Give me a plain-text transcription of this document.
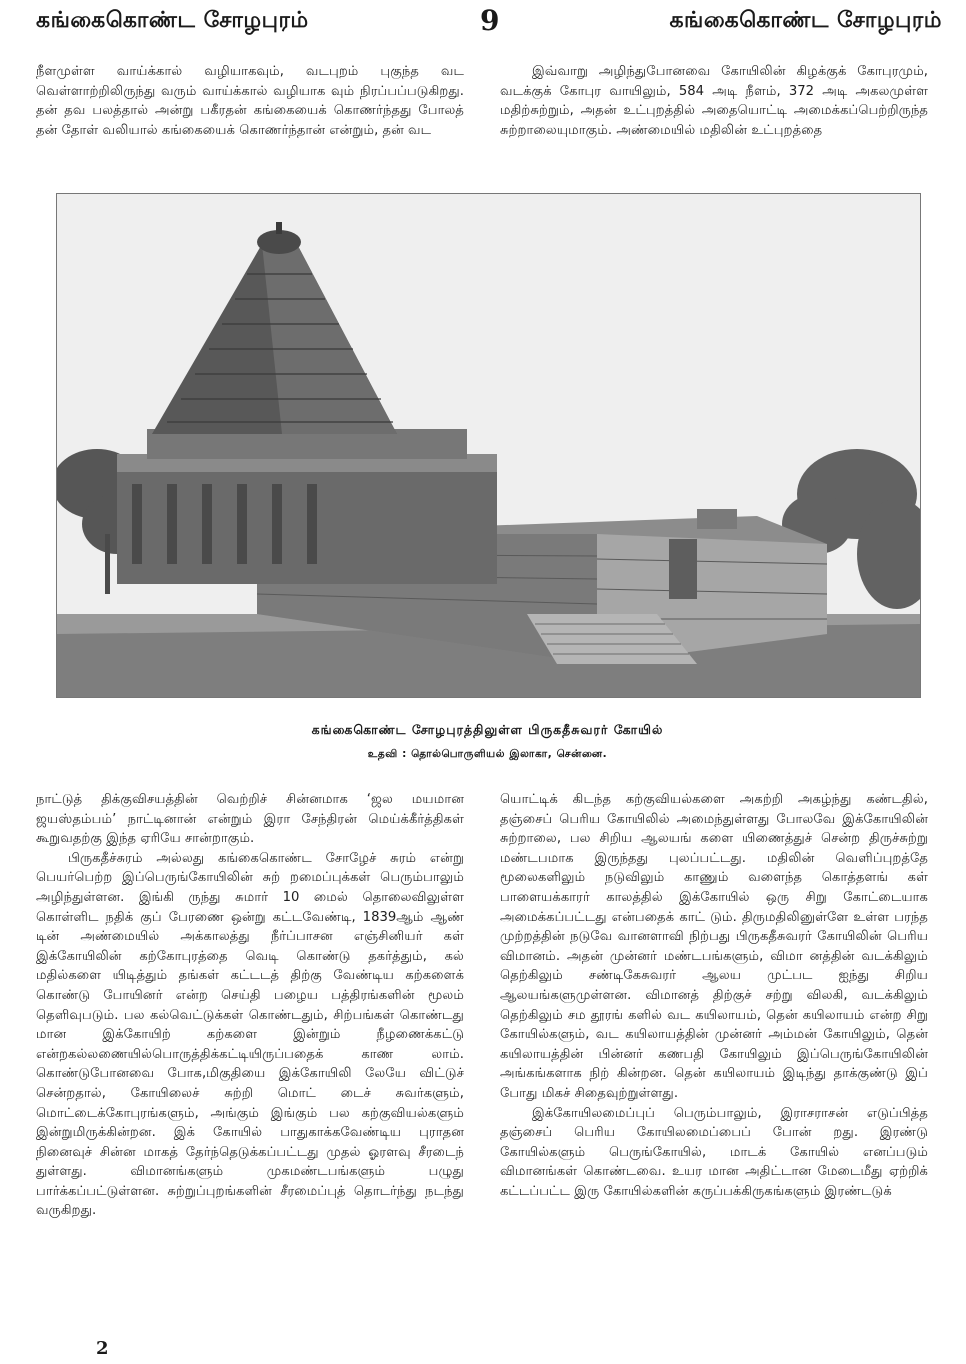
கங்கைகொண்ட சோழபுரம்	9	கங்கைகொண்ட சோழபுரம்

நீளமுள்ள வாய்க்கால் வழியாகவும், வடபுறம் புகுந்த வட வெள்ளாற்றிலிருந்து வரும் வாய்க்கால் வழியாக வும் நிரப்பப்படுகிறது. தன் தவ பலத்தால் அன்று பகீரதன் கங்கையைக் கொணர்ந்தது போலத் தன் தோள் வலியால் கங்கையைக் கொணர்ந்தான் என்றும், தன் வட

இவ்வாறு அழிந்துபோனவை கோயிலின் கிழக்குக் கோபுரமும், வடக்குக் கோபுர வாயிலும், 584 அடி நீளம், 372 அடி அகலமுள்ள மதிற்சுற்றும், அதன் உட்புறத்தில் அதையொட்டி அமைக்கப்பெற்றிருந்த சுற்றாலையுமாகும். அண்மையில் மதிலின் உட்புறத்தை

கங்கைகொண்ட சோழபுரத்திலுள்ள பிருகதீசுவரர் கோயில்
உதவி : தொல்பொருளியல் இலாகா, சென்னை.

நாட்டுத் திக்குவிசயத்தின் வெற்றிச் சின்னமாக ‘ஜல மயமான ஜயஸ்தம்பம்’ நாட்டினான் என்றும் இரா சேந்திரன் மெய்க்கீர்த்திகள் கூறுவதற்கு இந்த ஏரியே சான்றாகும்.

பிருகதீச்சுரம் அல்லது கங்கைகொண்ட சோழேச் சுரம் என்று பெயர்பெற்ற இப்பெருங்கோயிலின் சுற் றமைப்புக்கள் பெரும்பாலும் அழிந்துள்ளன. இங்கி ருந்து சுமார் 10 மைல் தொலைவிலுள்ள கொள்ளிட நதிக் குப் பேரணை ஒன்று கட்டவேண்டி, 1839ஆம் ஆண் டின் அண்மையில் அக்காலத்து நீர்ப்பாசன எஞ்சினியர் கள் இக்கோயிலின் கற்கோபுரத்தை வெடி கொண்டு தகர்த்தும், கல் மதில்களை யிடித்தும் தங்கள் கட்டடத் திற்கு வேண்டிய கற்களைக் கொண்டு போயினர் என்ற செய்தி பழைய பத்திரங்களின் மூலம் தெளிவுபடும். பல கல்வெட்டுக்கள் கொண்டதும், சிற்பங்கள் கொண்டது மான இக்கோயிற் கற்களை இன்றும் நீழணைக்கட்டு என்றகல்லணையில்பொருத்திக்கட்டியிருப்பதைக் காண லாம். கொண்டுபோனவை போக,மிகுதியை இக்கோயிலி லேயே விட்டுச் சென்றதால், கோயிலைச் சுற்றி மொட் டைச் சுவர்களும், மொட்டைக்கோபுரங்களும், அங்கும் இங்கும் பல கற்குவியல்களும் இன்றுமிருக்கின்றன. இக் கோயில் பாதுகாக்கவேண்டிய புராதன நினைவுச் சின்ன மாகத் தேர்ந்தெடுக்கப்பட்டது முதல் ஓரளவு சீரடைந் துள்ளது. விமானங்களும் முகமண்டபங்களும் பழுது பார்க்கப்பட்டுள்ளன. சுற்றுப்புறங்களின் சீரமைப்புத் தொடர்ந்து நடந்து வருகிறது.

யொட்டிக் கிடந்த கற்குவியல்களை அகற்றி அகழ்ந்து கண்டதில், தஞ்சைப் பெரிய கோயிலில் அமைந்துள்ளது போலவே இக்கோயிலின் சுற்றாலை, பல சிறிய ஆலயங் களை யிணைத்துச் சென்ற திருச்சுற்று மண்டபமாக இருந்தது புலப்பட்டது. மதிலின் வெளிப்புறத்தே மூலைகளிலும் நடுவிலும் காணும் வளைந்த கொத்தளங் கள் பாளையக்காரர் காலத்தில் இக்கோயில் ஒரு சிறு கோட்டையாக அமைக்கப்பட்டது என்பதைக் காட் டும். திருமதிலினுள்ளே உள்ள பரந்த முற்றத்தின் நடுவே வானளாவி நிற்பது பிருகதீசுவரர் கோயிலின் பெரிய விமானம். அதன் முன்னர் மண்டபங்களும், விமா னத்தின் வடக்கிலும் தெற்கிலும் சண்டிகேசுவரர் ஆலய முட்பட ஐந்து சிறிய ஆலயங்களுமுள்ளன. விமானத் திற்குச் சற்று விலகி, வடக்கிலும் தெற்கிலும் சம தூரங் களில் வட கயிலாயம், தென் கயிலாயம் என்ற சிறு கோயில்களும், வட கயிலாயத்தின் முன்னர் அம்மன் கோயிலும், தென் கயிலாயத்தின் பின்னர் கணபதி கோயிலும் இப்பெருங்கோயிலின் அங்கங்களாக நிற் கின்றன. தென் கயிலாயம் இடிந்து தாக்குண்டு இப் போது மிகச் சிதைவுற்றுள்ளது.

இக்கோயிலமைப்புப் பெரும்பாலும், இராசராசன் எடுப்பித்த தஞ்சைப் பெரிய கோயிலமைப்பைப் போன் றது. இரண்டு கோயில்களும் பெருங்கோயில், மாடக் கோயில் எனப்படும் விமானங்கள் கொண்டவை. உயர மான அதிட்டான மேடைமீது ஏற்றிக் கட்டப்பட்ட இரு கோயில்களின் கருப்பக்கிருகங்களும் இரண்டடுக்

2
